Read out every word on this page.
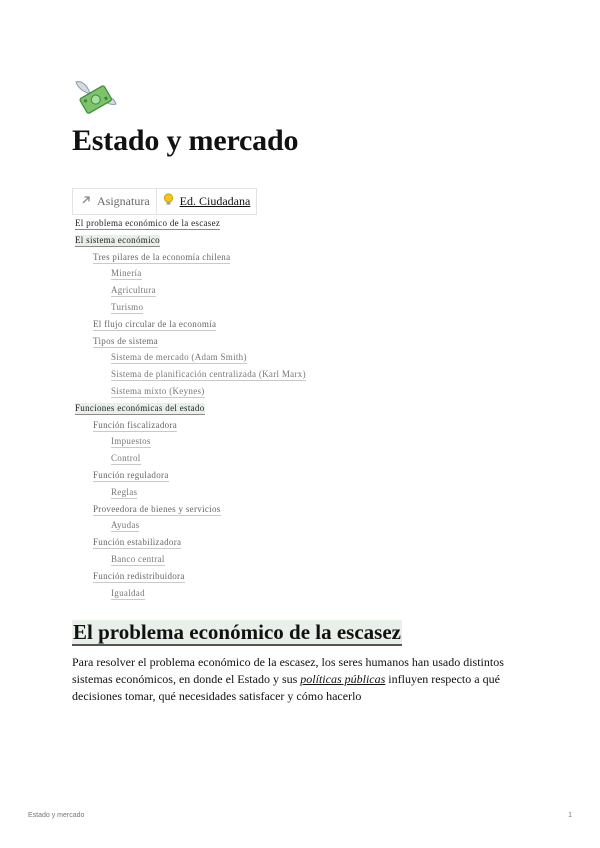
Estado y mercado
Asignatura	Ed. Ciudadana
El problema económico de la escasez
El sistema económico
Tres pilares de la economía chilena
Minería
Agricultura
Turismo
El flujo circular de la economía
Tipos de sistema
Sistema de mercado (Adam Smith)
Sistema de planificación centralizada (Karl Marx)
Sistema mixto (Keynes)
Funciones económicas del estado
Función fiscalizadora
Impuestos
Control
Función reguladora
Reglas
Proveedora de bienes y servicios
Ayudas
Función estabilizadora
Banco central
Función redistribuidora
Igualdad
El problema económico de la escasez

Para resolver el problema económico de la escasez, los seres humanos han usado distintos sistemas económicos, en donde el Estado y sus políticas públicas influyen respecto a qué decisiones tomar, qué necesidades satisfacer y cómo hacerlo

Estado y mercado	1
